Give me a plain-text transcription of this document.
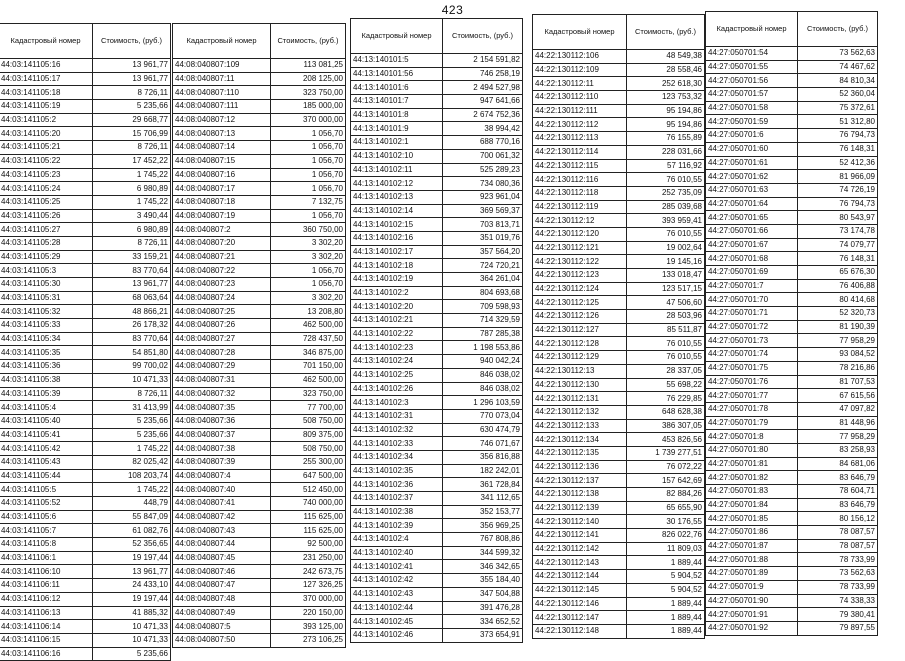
423
Кадастровый номер	Стоимость, (руб.)
44:03:141105:16	13 961,77
44:03:141105:17	13 961,77
44:03:141105:18	8 726,11
44:03:141105:19	5 235,66
44:03:141105:2	29 668,77
44:03:141105:20	15 706,99
44:03:141105:21	8 726,11
44:03:141105:22	17 452,22
44:03:141105:23	1 745,22
44:03:141105:24	6 980,89
44:03:141105:25	1 745,22
44:03:141105:26	3 490,44
44:03:141105:27	6 980,89
44:03:141105:28	8 726,11
44:03:141105:29	33 159,21
44:03:141105:3	83 770,64
44:03:141105:30	13 961,77
44:03:141105:31	68 063,64
44:03:141105:32	48 866,21
44:03:141105:33	26 178,32
44:03:141105:34	83 770,64
44:03:141105:35	54 851,80
44:03:141105:36	99 700,02
44:03:141105:38	10 471,33
44:03:141105:39	8 726,11
44:03:141105:4	31 413,99
44:03:141105:40	5 235,66
44:03:141105:41	5 235,66
44:03:141105:42	1 745,22
44:03:141105:43	82 025,42
44:03:141105:44	108 203,74
44:03:141105:5	1 745,22
44:03:141105:52	448,79
44:03:141105:6	55 847,09
44:03:141105:7	61 082,76
44:03:141105:8	52 356,65
44:03:141106:1	19 197,44
44:03:141106:10	13 961,77
44:03:141106:11	24 433,10
44:03:141106:12	19 197,44
44:03:141106:13	41 885,32
44:03:141106:14	10 471,33
44:03:141106:15	10 471,33
44:03:141106:16	5 235,66
Кадастровый номер	Стоимость, (руб.)
44:08:040807:109	113 081,25
44:08:040807:11	208 125,00
44:08:040807:110	323 750,00
44:08:040807:111	185 000,00
44:08:040807:12	370 000,00
44:08:040807:13	1 056,70
44:08:040807:14	1 056,70
44:08:040807:15	1 056,70
44:08:040807:16	1 056,70
44:08:040807:17	1 056,70
44:08:040807:18	7 132,75
44:08:040807:19	1 056,70
44:08:040807:2	360 750,00
44:08:040807:20	3 302,20
44:08:040807:21	3 302,20
44:08:040807:22	1 056,70
44:08:040807:23	1 056,70
44:08:040807:24	3 302,20
44:08:040807:25	13 208,80
44:08:040807:26	462 500,00
44:08:040807:27	728 437,50
44:08:040807:28	346 875,00
44:08:040807:29	701 150,00
44:08:040807:31	462 500,00
44:08:040807:32	323 750,00
44:08:040807:35	77 700,00
44:08:040807:36	508 750,00
44:08:040807:37	809 375,00
44:08:040807:38	508 750,00
44:08:040807:39	255 300,00
44:08:040807:4	647 500,00
44:08:040807:40	512 450,00
44:08:040807:41	740 000,00
44:08:040807:42	115 625,00
44:08:040807:43	115 625,00
44:08:040807:44	92 500,00
44:08:040807:45	231 250,00
44:08:040807:46	242 673,75
44:08:040807:47	127 326,25
44:08:040807:48	370 000,00
44:08:040807:49	220 150,00
44:08:040807:5	393 125,00
44:08:040807:50	273 106,25
Кадастровый номер	Стоимость, (руб.)
44:13:140101:5	2 154 591,82
44:13:140101:56	746 258,19
44:13:140101:6	2 494 527,98
44:13:140101:7	947 641,66
44:13:140101:8	2 674 752,36
44:13:140101:9	38 994,42
44:13:140102:1	688 770,16
44:13:140102:10	700 061,32
44:13:140102:11	525 289,23
44:13:140102:12	734 080,36
44:13:140102:13	923 961,04
44:13:140102:14	369 569,37
44:13:140102:15	703 813,71
44:13:140102:16	351 019,76
44:13:140102:17	357 564,20
44:13:140102:18	724 720,21
44:13:140102:19	364 261,04
44:13:140102:2	804 693,68
44:13:140102:20	709 598,93
44:13:140102:21	714 329,59
44:13:140102:22	787 285,38
44:13:140102:23	1 198 553,86
44:13:140102:24	940 042,24
44:13:140102:25	846 038,02
44:13:140102:26	846 038,02
44:13:140102:3	1 296 103,59
44:13:140102:31	770 073,04
44:13:140102:32	630 474,79
44:13:140102:33	746 071,67
44:13:140102:34	356 816,88
44:13:140102:35	182 242,01
44:13:140102:36	361 728,84
44:13:140102:37	341 112,65
44:13:140102:38	352 153,77
44:13:140102:39	356 969,25
44:13:140102:4	767 808,86
44:13:140102:40	344 599,32
44:13:140102:41	346 342,65
44:13:140102:42	355 184,40
44:13:140102:43	347 504,88
44:13:140102:44	391 476,28
44:13:140102:45	334 652,52
44:13:140102:46	373 654,91
Кадастровый номер	Стоимость, (руб.)
44:22:130112:106	48 549,38
44:22:130112:109	28 558,46
44:22:130112:11	252 618,30
44:22:130112:110	123 753,32
44:22:130112:111	95 194,86
44:22:130112:112	95 194,86
44:22:130112:113	76 155,89
44:22:130112:114	228 031,66
44:22:130112:115	57 116,92
44:22:130112:116	76 010,55
44:22:130112:118	252 735,09
44:22:130112:119	285 039,68
44:22:130112:12	393 959,41
44:22:130112:120	76 010,55
44:22:130112:121	19 002,64
44:22:130112:122	19 145,16
44:22:130112:123	133 018,47
44:22:130112:124	123 517,15
44:22:130112:125	47 506,60
44:22:130112:126	28 503,96
44:22:130112:127	85 511,87
44:22:130112:128	76 010,55
44:22:130112:129	76 010,55
44:22:130112:13	28 337,05
44:22:130112:130	55 698,22
44:22:130112:131	76 229,85
44:22:130112:132	648 628,38
44:22:130112:133	386 307,05
44:22:130112:134	453 826,56
44:22:130112:135	1 739 277,51
44:22:130112:136	76 072,22
44:22:130112:137	157 642,69
44:22:130112:138	82 884,26
44:22:130112:139	65 655,90
44:22:130112:140	30 176,55
44:22:130112:141	826 022,76
44:22:130112:142	11 809,03
44:22:130112:143	1 889,44
44:22:130112:144	5 904,52
44:22:130112:145	5 904,52
44:22:130112:146	1 889,44
44:22:130112:147	1 889,44
44:22:130112:148	1 889,44
Кадастровый номер	Стоимость, (руб.)
44:27:050701:54	73 562,63
44:27:050701:55	74 467,62
44:27:050701:56	84 810,34
44:27:050701:57	52 360,04
44:27:050701:58	75 372,61
44:27:050701:59	51 312,80
44:27:050701:6	76 794,73
44:27:050701:60	76 148,31
44:27:050701:61	52 412,36
44:27:050701:62	81 966,09
44:27:050701:63	74 726,19
44:27:050701:64	76 794,73
44:27:050701:65	80 543,97
44:27:050701:66	73 174,78
44:27:050701:67	74 079,77
44:27:050701:68	76 148,31
44:27:050701:69	65 676,30
44:27:050701:7	76 406,88
44:27:050701:70	80 414,68
44:27:050701:71	52 320,73
44:27:050701:72	81 190,39
44:27:050701:73	77 958,29
44:27:050701:74	93 084,52
44:27:050701:75	78 216,86
44:27:050701:76	81 707,53
44:27:050701:77	67 615,56
44:27:050701:78	47 097,82
44:27:050701:79	81 448,96
44:27:050701:8	77 958,29
44:27:050701:80	83 258,93
44:27:050701:81	84 681,06
44:27:050701:82	83 646,79
44:27:050701:83	78 604,71
44:27:050701:84	83 646,79
44:27:050701:85	80 156,12
44:27:050701:86	78 087,57
44:27:050701:87	78 087,57
44:27:050701:88	78 733,99
44:27:050701:89	73 562,63
44:27:050701:9	78 733,99
44:27:050701:90	74 338,33
44:27:050701:91	79 380,41
44:27:050701:92	79 897,55
